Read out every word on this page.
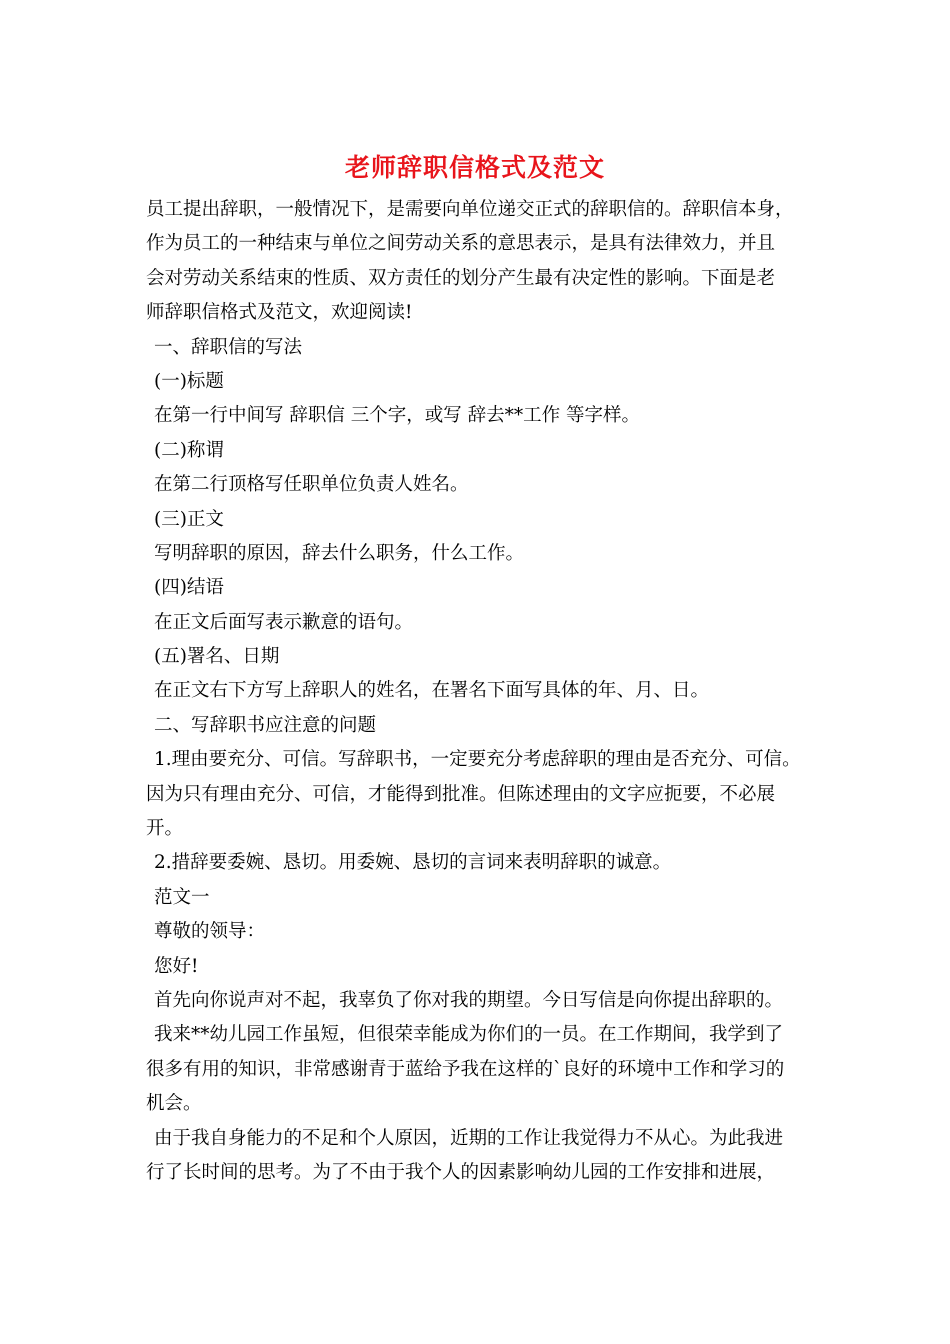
老师辞职信格式及范文
员工提出辞职，一般情况下，是需要向单位递交正式的辞职信的。辞职信本身，
作为员工的一种结束与单位之间劳动关系的意思表示，是具有法律效力，并且
会对劳动关系结束的性质、双方责任的划分产生最有决定性的影响。下面是老
师辞职信格式及范文，欢迎阅读!
一、辞职信的写法
(一)标题
在第一行中间写 辞职信 三个字，或写 辞去**工作 等字样。
(二)称谓
在第二行顶格写任职单位负责人姓名。
(三)正文
写明辞职的原因，辞去什么职务，什么工作。
(四)结语
在正文后面写表示歉意的语句。
(五)署名、日期
在正文右下方写上辞职人的姓名，在署名下面写具体的年、月、日。
二、写辞职书应注意的问题
1.理由要充分、可信。写辞职书，一定要充分考虑辞职的理由是否充分、可信。
因为只有理由充分、可信，才能得到批准。但陈述理由的文字应扼要，不必展
开。
2.措辞要委婉、恳切。用委婉、恳切的言词来表明辞职的诚意。
范文一
尊敬的领导：
您好!
首先向你说声对不起，我辜负了你对我的期望。今日写信是向你提出辞职的。
我来**幼儿园工作虽短，但很荣幸能成为你们的一员。在工作期间，我学到了
很多有用的知识，非常感谢青于蓝给予我在这样的`良好的环境中工作和学习的
机会。
由于我自身能力的不足和个人原因，近期的工作让我觉得力不从心。为此我进
行了长时间的思考。为了不由于我个人的因素影响幼儿园的工作安排和进展，
